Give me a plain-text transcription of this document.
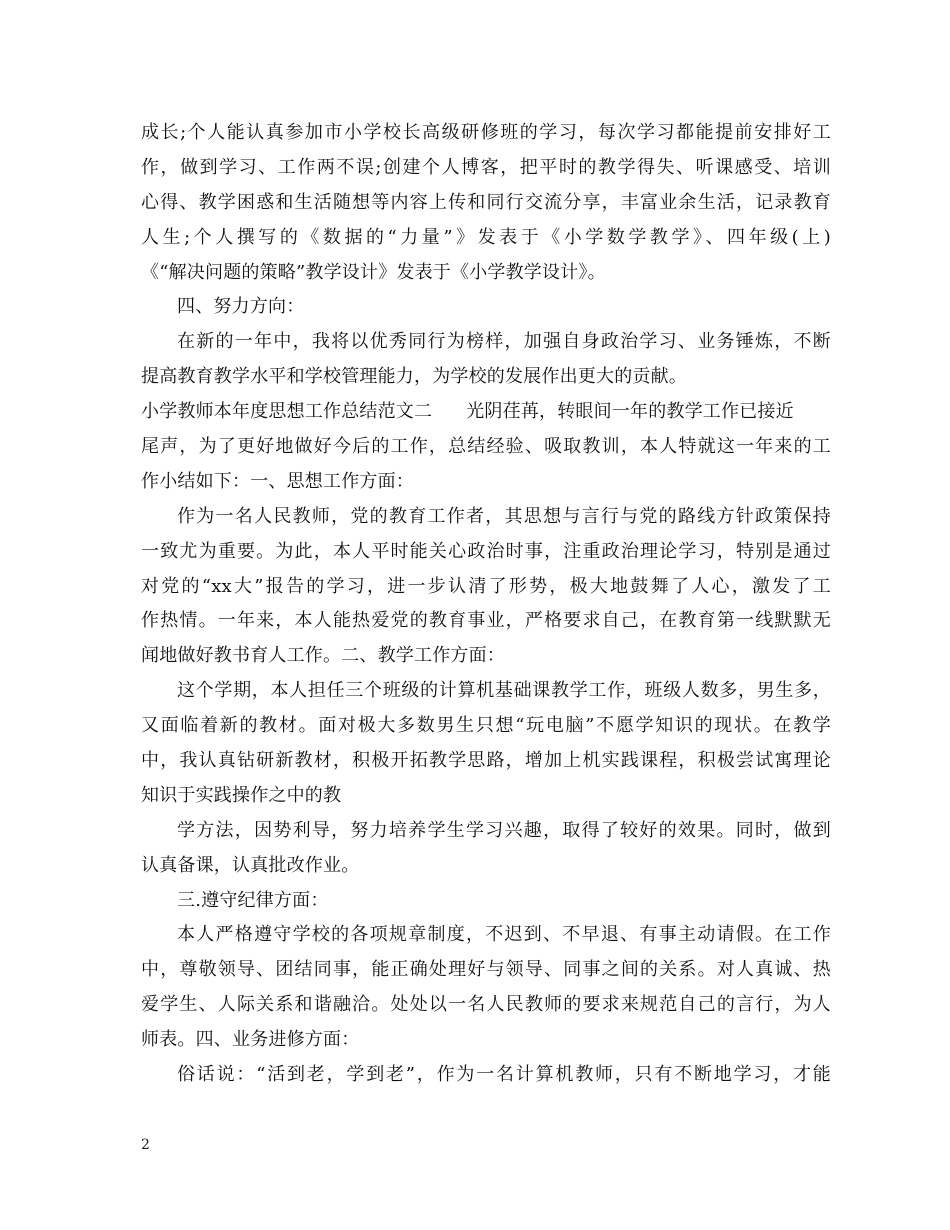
成长;个人能认真参加市小学校长高级研修班的学习，每次学习都能提前安排好工
作，做到学习、工作两不误;创建个人博客，把平时的教学得失、听课感受、培训
心得、教学困惑和生活随想等内容上传和同行交流分享，丰富业余生活，记录教育
人生;个人撰写的《数据的“力量”》发表于《小学数学教学》、四年级(上)
《“解决问题的策略”教学设计》发表于《小学教学设计》。
四、努力方向：
在新的一年中，我将以优秀同行为榜样，加强自身政治学习、业务锤炼，不断
提高教育教学水平和学校管理能力，为学校的发展作出更大的贡献。
小学教师本年度思想工作总结范文二 光阴荏苒，转眼间一年的教学工作已接近
尾声，为了更好地做好今后的工作，总结经验、吸取教训，本人特就这一年来的工
作小结如下：一、思想工作方面：
作为一名人民教师，党的教育工作者，其思想与言行与党的路线方针政策保持
一致尤为重要。为此，本人平时能关心政治时事，注重政治理论学习，特别是通过
对党的“xx大”报告的学习，进一步认清了形势，极大地鼓舞了人心，激发了工
作热情。一年来，本人能热爱党的教育事业，严格要求自己，在教育第一线默默无
闻地做好教书育人工作。二、教学工作方面：
这个学期，本人担任三个班级的计算机基础课教学工作，班级人数多，男生多，
又面临着新的教材。面对极大多数男生只想“玩电脑”不愿学知识的现状。在教学
中，我认真钻研新教材，积极开拓教学思路，增加上机实践课程，积极尝试寓理论
知识于实践操作之中的教
学方法，因势利导，努力培养学生学习兴趣，取得了较好的效果。同时，做到
认真备课，认真批改作业。
三.遵守纪律方面：
本人严格遵守学校的各项规章制度，不迟到、不早退、有事主动请假。在工作
中，尊敬领导、团结同事，能正确处理好与领导、同事之间的关系。对人真诚、热
爱学生、人际关系和谐融洽。处处以一名人民教师的要求来规范自己的言行，为人
师表。四、业务进修方面：
俗话说：“活到老，学到老”，作为一名计算机教师，只有不断地学习，才能
2
